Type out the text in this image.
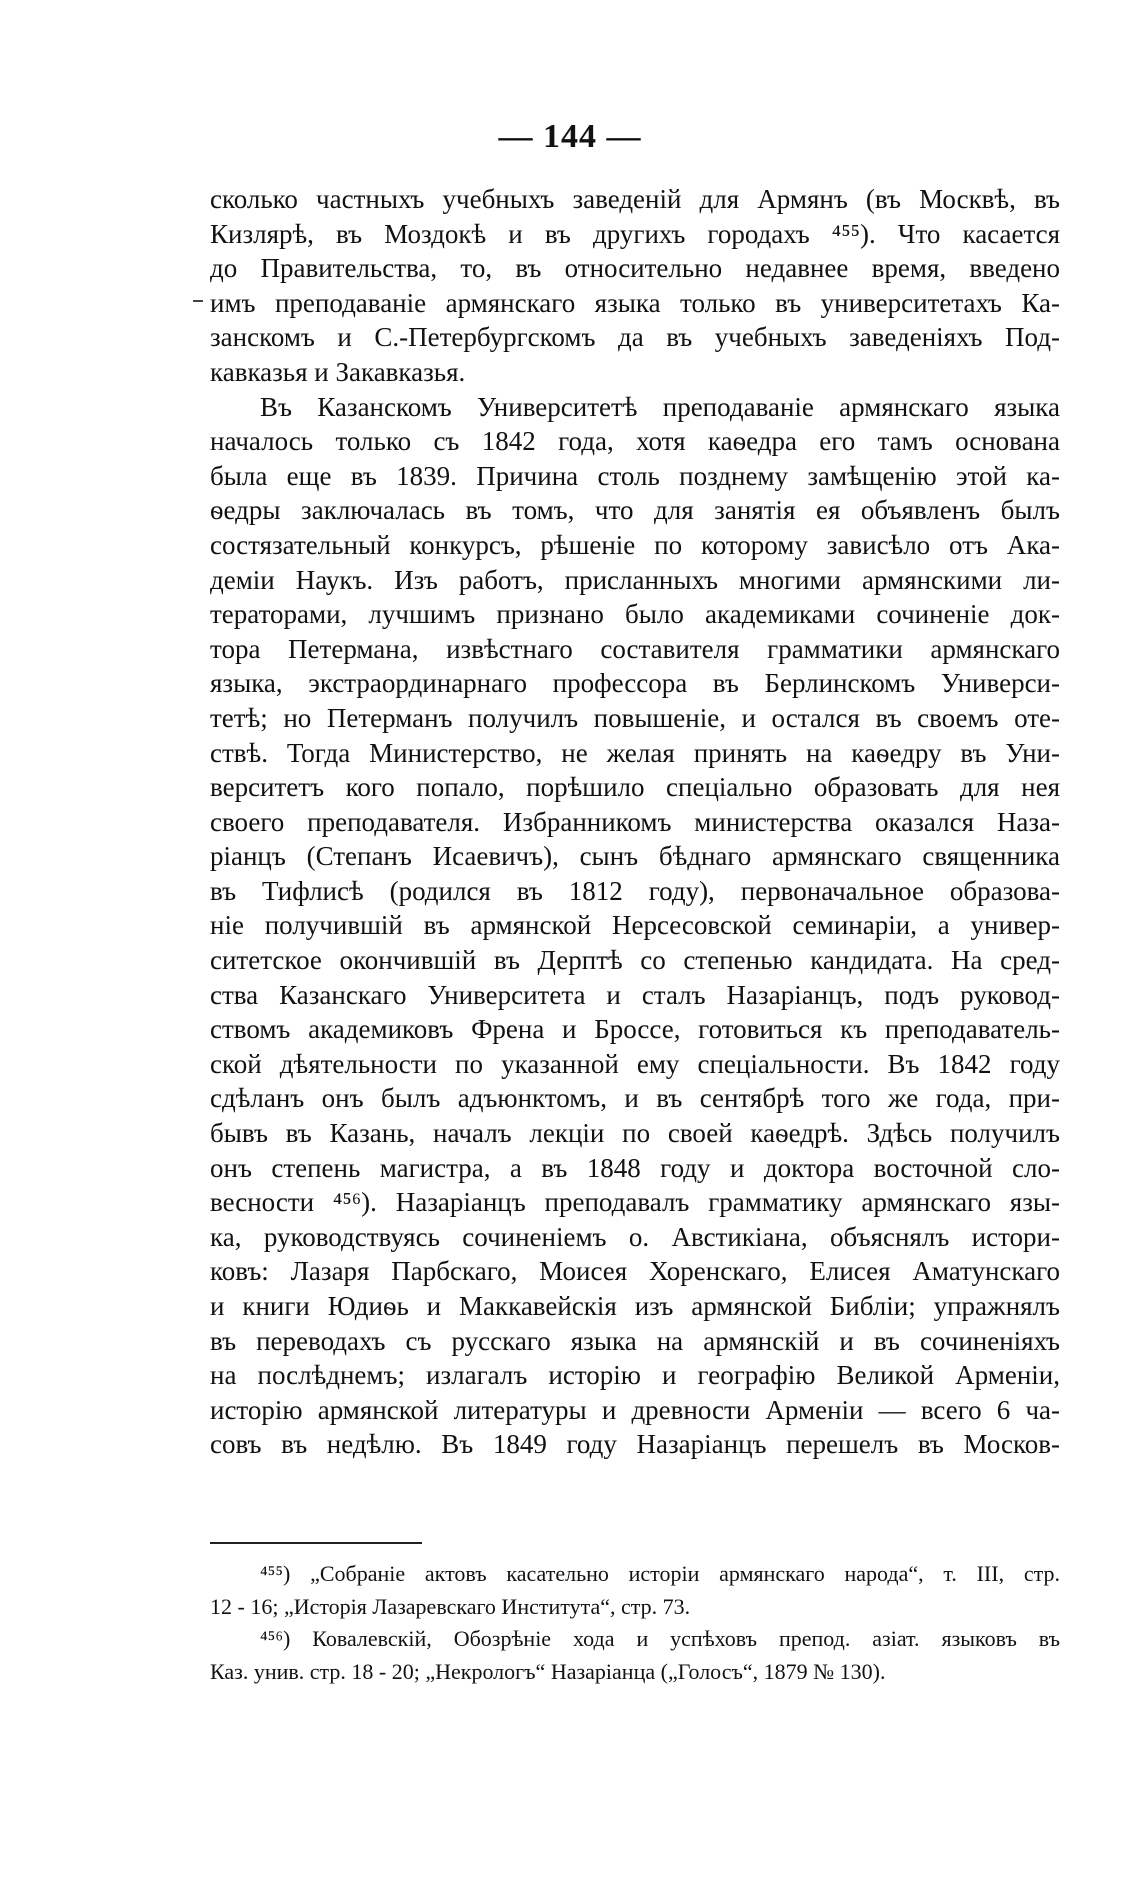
— 144 —
сколько частныхъ учебныхъ заведеній для Армянъ (въ Москвѣ, въ
Кизлярѣ, въ Моздокѣ и въ другихъ городахъ ⁴⁵⁵). Что касается
до Правительства, то, въ относительно недавнее время, введено
имъ преподаваніе армянскаго языка только въ университетахъ Ка-
занскомъ и С.-Петербургскомъ да въ учебныхъ заведеніяхъ Под-
кавказья и Закавказья.
Въ Казанскомъ Университетѣ преподаваніе армянскаго языка
началось только съ 1842 года, хотя каѳедра его тамъ основана
была еще въ 1839. Причина столь позднему замѣщенію этой ка-
ѳедры заключалась въ томъ, что для занятія ея объявленъ былъ
состязательный конкурсъ, рѣшеніе по которому зависѣло отъ Ака-
деміи Наукъ. Изъ работъ, присланныхъ многими армянскими ли-
тераторами, лучшимъ признано было академиками сочиненіе док-
тора Петермана, извѣстнаго составителя грамматики армянскаго
языка, экстраординарнаго профессора въ Берлинскомъ Универси-
тетѣ; но Петерманъ получилъ повышеніе, и остался въ своемъ оте-
ствѣ. Тогда Министерство, не желая принять на каѳедру въ Уни-
верситетъ кого попало, порѣшило спеціально образовать для нея
своего преподавателя. Избранникомъ министерства оказался Наза-
ріанцъ (Степанъ Исаевичъ), сынъ бѣднаго армянскаго священника
въ Тифлисѣ (родился въ 1812 году), первоначальное образова-
ніе получившій въ армянской Нерсесовской семинаріи, а универ-
ситетское окончившій въ Дерптѣ со степенью кандидата. На сред-
ства Казанскаго Университета и сталъ Назаріанцъ, подъ руковод-
ствомъ академиковъ Френа и Броссе, готовиться къ преподаватель-
ской дѣятельности по указанной ему спеціальности. Въ 1842 году
сдѣланъ онъ былъ адъюнктомъ, и въ сентябрѣ того же года, при-
бывъ въ Казань, началъ лекціи по своей каѳедрѣ. Здѣсь получилъ
онъ степень магистра, а въ 1848 году и доктора восточной сло-
весности ⁴⁵⁶). Назаріанцъ преподавалъ грамматику армянскаго язы-
ка, руководствуясь сочиненіемъ о. Австикіана, объяснялъ истори-
ковъ: Лазаря Парбскаго, Моисея Хоренскаго, Елисея Аматунскаго
и книги Юдиѳь и Маккавейскія изъ армянской Библіи; упражнялъ
въ переводахъ съ русскаго языка на армянскій и въ сочиненіяхъ
на послѣднемъ; излагалъ исторію и географію Великой Арменіи,
исторію армянской литературы и древности Арменіи — всего 6 ча-
совъ въ недѣлю. Въ 1849 году Назаріанцъ перешелъ въ Москов-
⁴⁵⁵) „Собраніе актовъ касательно исторіи армянскаго народа“, т. III, стр.
12 - 16; „Исторія Лазаревскаго Института“, стр. 73.
⁴⁵⁶) Ковалевскій, Обозрѣніе хода и успѣховъ препод. азіат. языковъ въ
Каз. унив. стр. 18 - 20; „Некрологъ“ Назаріанца („Голосъ“, 1879 № 130).
